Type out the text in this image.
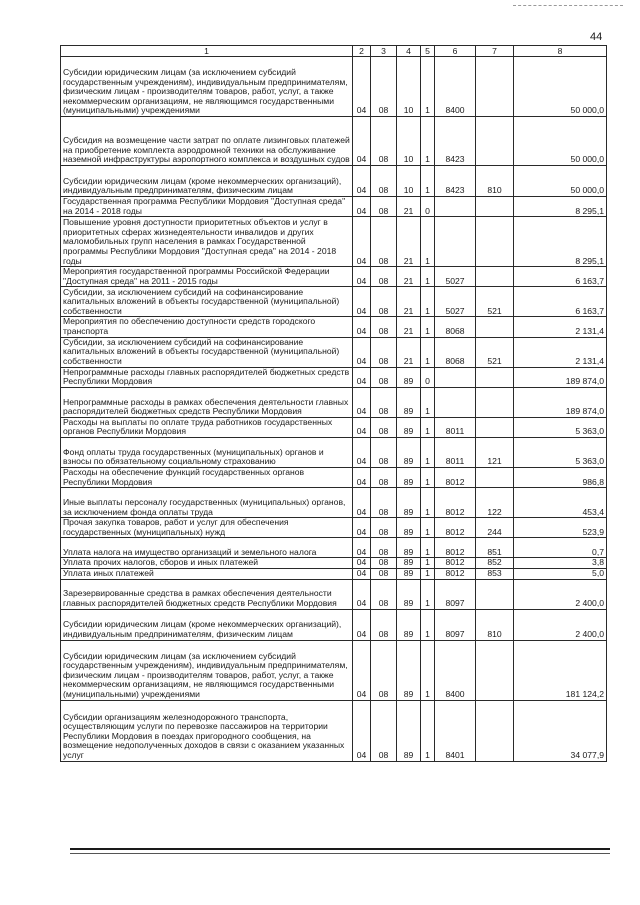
44
1	2	3	4	5	6	7	8
Субсидии юридическим лицам (за исключением субсидий государственным учреждениям), индивидуальным предпринимателям, физическим лицам - производителям товаров, работ, услуг, а также некоммерческим организациям, не являющимся государственными (муниципальными) учреждениями	04	08	10	1	8400		50 000,0
Субсидия на возмещение части затрат по оплате лизинговых платежей на приобретение комплекта аэродромной техники на обслуживание наземной инфраструктуры аэропортного комплекса и воздушных судов	04	08	10	1	8423		50 000,0
Субсидии юридическим лицам (кроме некоммерческих организаций), индивидуальным предпринимателям, физическим лицам	04	08	10	1	8423	810	50 000,0
Государственная программа Республики Мордовия "Доступная среда" на 2014 - 2018 годы	04	08	21	0			8 295,1
Повышение уровня доступности приоритетных объектов и услуг в приоритетных сферах жизнедеятельности инвалидов и других маломобильных групп населения в рамках Государственной программы Республики Мордовия "Доступная среда" на 2014 - 2018 годы	04	08	21	1			8 295,1
Мероприятия государственной программы Российской Федерации "Доступная среда" на 2011 - 2015 годы	04	08	21	1	5027		6 163,7
Субсидии, за исключением субсидий на софинансирование капитальных вложений в объекты государственной (муниципальной) собственности	04	08	21	1	5027	521	6 163,7
Мероприятия по обеспечению доступности средств городского транспорта	04	08	21	1	8068		2 131,4
Субсидии, за исключением субсидий на софинансирование капитальных вложений в объекты государственной (муниципальной) собственности	04	08	21	1	8068	521	2 131,4
Непрограммные расходы главных распорядителей бюджетных средств Республики Мордовия	04	08	89	0			189 874,0
Непрограммные расходы в рамках обеспечения деятельности главных распорядителей бюджетных средств Республики Мордовия	04	08	89	1			189 874,0
Расходы на выплаты по оплате труда работников государственных органов Республики Мордовия	04	08	89	1	8011		5 363,0
Фонд оплаты труда государственных (муниципальных) органов и взносы по обязательному социальному страхованию	04	08	89	1	8011	121	5 363,0
Расходы на обеспечение функций государственных органов Республики Мордовия	04	08	89	1	8012		986,8
Иные выплаты персоналу государственных (муниципальных) органов, за исключением фонда оплаты труда	04	08	89	1	8012	122	453,4
Прочая закупка товаров, работ и услуг для обеспечения государственных (муниципальных) нужд	04	08	89	1	8012	244	523,9
Уплата налога на имущество организаций и земельного налога	04	08	89	1	8012	851	0,7
Уплата прочих налогов, сборов и иных платежей	04	08	89	1	8012	852	3,8
Уплата иных платежей	04	08	89	1	8012	853	5,0
Зарезервированные средства в рамках обеспечения деятельности главных распорядителей бюджетных средств Республики Мордовия	04	08	89	1	8097		2 400,0
Субсидии юридическим лицам (кроме некоммерческих организаций), индивидуальным предпринимателям, физическим лицам	04	08	89	1	8097	810	2 400,0
Субсидии юридическим лицам (за исключением субсидий государственным учреждениям), индивидуальным предпринимателям, физическим лицам - производителям товаров, работ, услуг, а также некоммерческим организациям, не являющимся государственными (муниципальными) учреждениями	04	08	89	1	8400		181 124,2
Субсидии организациям железнодорожного транспорта, осуществляющим услуги по перевозке пассажиров на территории Республики Мордовия в поездах пригородного сообщения, на возмещение недополученных доходов в связи с оказанием указанных услуг	04	08	89	1	8401		34 077,9
